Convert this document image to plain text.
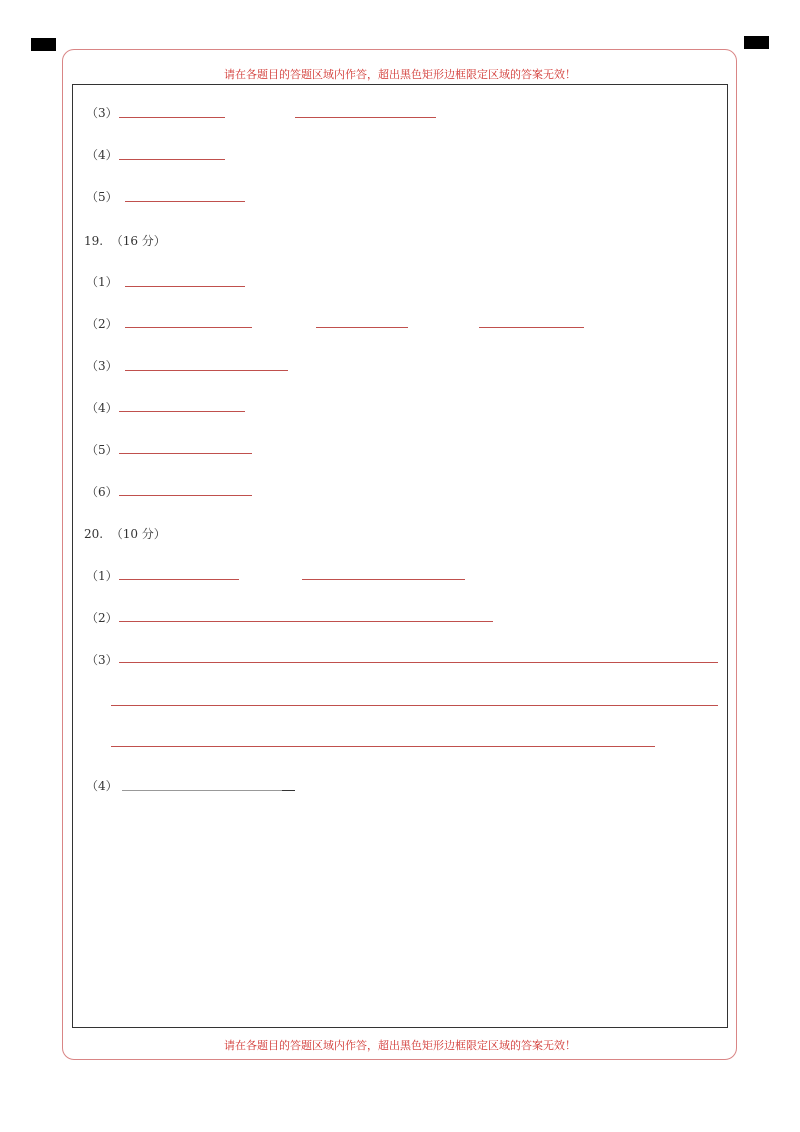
请在各题目的答题区域内作答，超出黑色矩形边框限定区域的答案无效！
（3）
（4）
（5）
19.  （16 分）
（1）
（2）
（3）
（4）
（5）
（6）
20.  （10 分）
（1）
（2）
（3）
（4）
请在各题目的答题区域内作答，超出黑色矩形边框限定区域的答案无效！
